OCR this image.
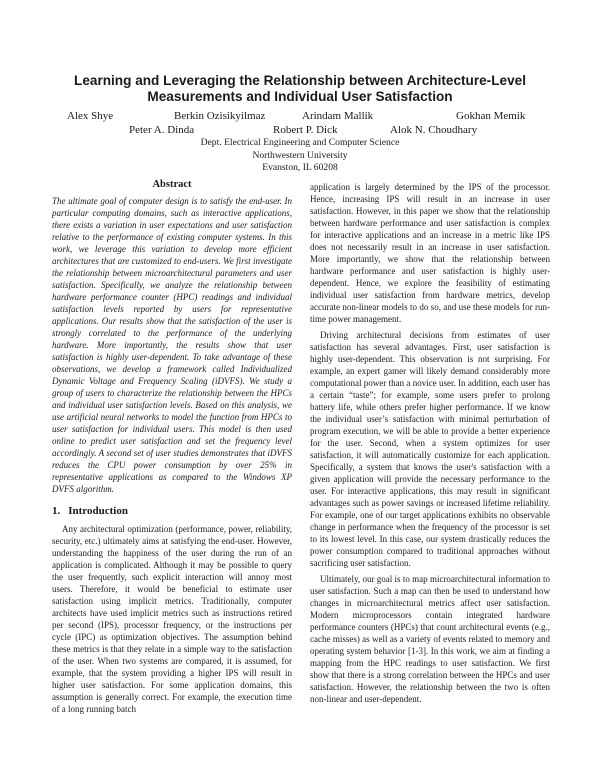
Learning and Leveraging the Relationship between Architecture-Level
Measurements and Individual User Satisfaction
Alex Shye	Berkin Ozisikyilmaz	Arindam Mallik	Gokhan Memik
Peter A. Dinda	Robert P. Dick	Alok N. Choudhary
Dept. Electrical Engineering and Computer Science
Northwestern University
Evanston, IL 60208
Abstract

The ultimate goal of computer design is to satisfy the end-user. In particular computing domains, such as interactive applications, there exists a variation in user expectations and user satisfaction relative to the performance of existing computer systems. In this work, we leverage this variation to develop more efficient architectures that are customized to end-users. We first investigate the relationship between microarchitectural parameters and user satisfaction. Specifically, we analyze the relationship between hardware performance counter (HPC) readings and individual satisfaction levels reported by users for representative applications. Our results show that the satisfaction of the user is strongly correlated to the performance of the underlying hardware. More importantly, the results show that user satisfaction is highly user-dependent. To take advantage of these observations, we develop a framework called Individualized Dynamic Voltage and Frequency Scaling (iDVFS). We study a group of users to characterize the relationship between the HPCs and individual user satisfaction levels. Based on this analysis, we use artificial neural networks to model the function from HPCs to user satisfaction for individual users. This model is then used online to predict user satisfaction and set the frequency level accordingly. A second set of user studies demonstrates that iDVFS reduces the CPU power consumption by over 25% in representative applications as compared to the Windows XP DVFS algorithm.

1. Introduction

Any architectural optimization (performance, power, reliability, security, etc.) ultimately aims at satisfying the end-user. However, understanding the happiness of the user during the run of an application is complicated. Although it may be possible to query the user frequently, such explicit interaction will annoy most users. Therefore, it would be beneficial to estimate user satisfaction using implicit metrics. Traditionally, computer architects have used implicit metrics such as instructions retired per second (IPS), processor frequency, or the instructions per cycle (IPC) as optimization objectives. The assumption behind these metrics is that they relate in a simple way to the satisfaction of the user. When two systems are compared, it is assumed, for example, that the system providing a higher IPS will result in higher user satisfaction. For some application domains, this assumption is generally correct. For example, the execution time of a long running batch

application is largely determined by the IPS of the processor. Hence, increasing IPS will result in an increase in user satisfaction. However, in this paper we show that the relationship between hardware performance and user satisfaction is complex for interactive applications and an increase in a metric like IPS does not necessarily result in an increase in user satisfaction. More importantly, we show that the relationship between hardware performance and user satisfaction is highly user-dependent. Hence, we explore the feasibility of estimating individual user satisfaction from hardware metrics, develop accurate non-linear models to do so, and use these models for run-time power management.

Driving architectural decisions from estimates of user satisfaction has several advantages. First, user satisfaction is highly user-dependent. This observation is not surprising. For example, an expert gamer will likely demand considerably more computational power than a novice user. In addition, each user has a certain “taste”; for example, some users prefer to prolong battery life, while others prefer higher performance. If we know the individual user’s satisfaction with minimal perturbation of program execution, we will be able to provide a better experience for the user. Second, when a system optimizes for user satisfaction, it will automatically customize for each application. Specifically, a system that knows the user's satisfaction with a given application will provide the necessary performance to the user. For interactive applications, this may result in significant advantages such as power savings or increased lifetime reliability. For example, one of our target applications exhibits no observable change in performance when the frequency of the processor is set to its lowest level. In this case, our system drastically reduces the power consumption compared to traditional approaches without sacrificing user satisfaction.

Ultimately, our goal is to map microarchitectural information to user satisfaction. Such a map can then be used to understand how changes in microarchitectural metrics affect user satisfaction. Modern microprocessors contain integrated hardware performance counters (HPCs) that count architectural events (e.g., cache misses) as well as a variety of events related to memory and operating system behavior [1-3]. In this work, we aim at finding a mapping from the HPC readings to user satisfaction. We first show that there is a strong correlation between the HPCs and user satisfaction. However, the relationship between the two is often non-linear and user-dependent.
